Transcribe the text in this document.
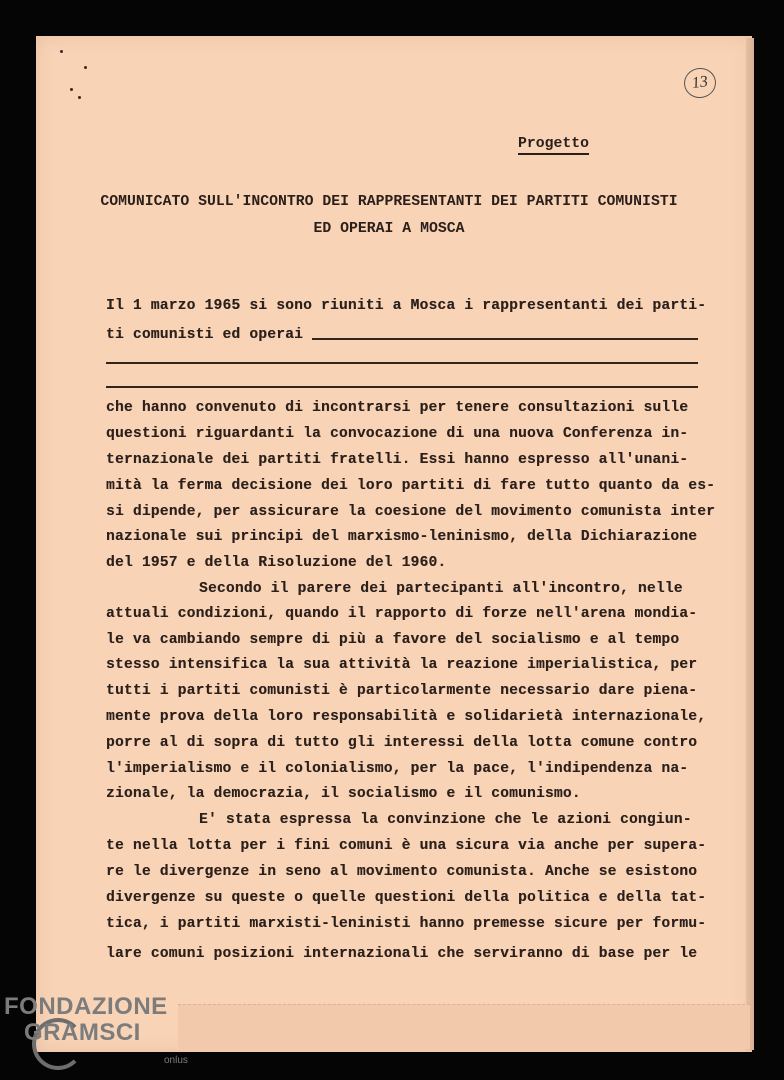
13
Progetto
COMUNICATO SULL'INCONTRO DEI RAPPRESENTANTI DEI PARTITI COMUNISTI
ED OPERAI A MOSCA
Il 1 marzo 1965 si sono riuniti a Mosca i rappresentanti dei parti-
ti comunisti ed operai
che hanno convenuto di incontrarsi per tenere consultazioni sulle
questioni riguardanti la convocazione di una nuova Conferenza in-
ternazionale dei partiti fratelli. Essi hanno espresso all'unani-
mità la ferma decisione dei loro partiti di fare tutto quanto da es-
si dipende, per assicurare la coesione del movimento comunista inter
nazionale sui principi del marxismo-leninismo, della Dichiarazione
del 1957 e della Risoluzione del 1960.
Secondo il parere dei partecipanti all'incontro, nelle
attuali condizioni, quando il rapporto di forze nell'arena mondia-
le va cambiando sempre di più a favore del socialismo e al tempo
stesso intensifica la sua attività la reazione imperialistica, per
tutti i partiti comunisti è particolarmente necessario dare piena-
mente prova della loro responsabilità e solidarietà internazionale,
porre al di sopra di tutto gli interessi della lotta comune contro
l'imperialismo e il colonialismo, per la pace, l'indipendenza na-
zionale, la democrazia, il socialismo e il comunismo.
E' stata espressa la convinzione che le azioni congiun-
te nella lotta per i fini comuni è una sicura via anche per supera-
re le divergenze in seno al movimento comunista. Anche se esistono
divergenze su queste o quelle questioni della politica e della tat-
tica, i partiti marxisti-leninisti hanno premesse sicure per formu-
lare comuni posizioni internazionali che serviranno di base per le
FONDAZIONE
GRAMSCI
onlus
